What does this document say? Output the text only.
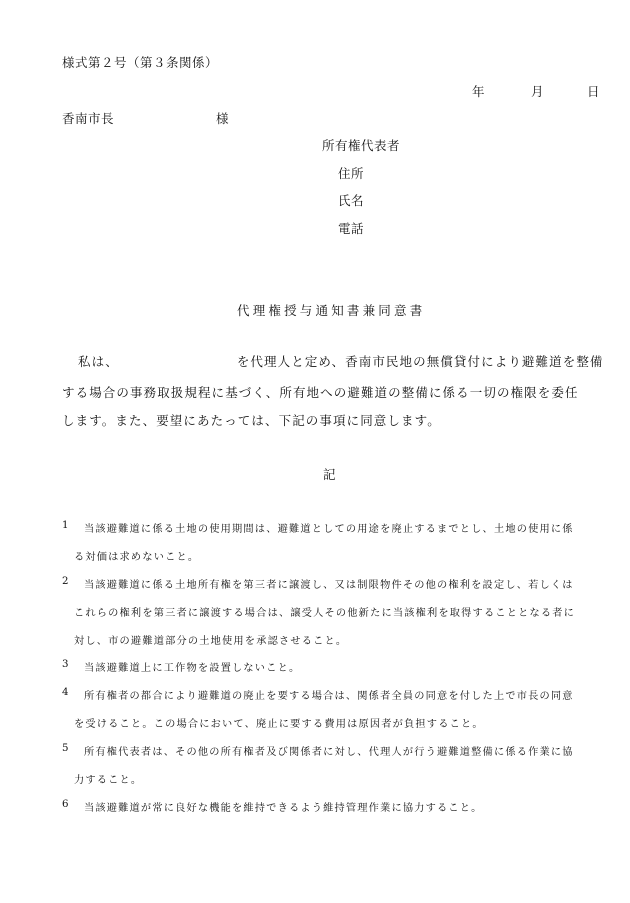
様式第２号（第３条関係）
年	月	日
香南市長	様
所有権代表者
住所
氏名
電話
代理権授与通知書兼同意書
私は、	を代理人と定め、香南市民地の無償貸付により避難道を整備
する場合の事務取扱規程に基づく、所有地への避難道の整備に係る一切の権限を委任
します。また、要望にあたっては、下記の事項に同意します。
記
1 当該避難道に係る土地の使用期間は、避難道としての用途を廃止するまでとし、土地の使用に係
る対価は求めないこと。
2 当該避難道に係る土地所有権を第三者に譲渡し、又は制限物件その他の権利を設定し、若しくは
これらの権利を第三者に譲渡する場合は、譲受人その他新たに当該権利を取得することとなる者に
対し、市の避難道部分の土地使用を承認させること。
3 当該避難道上に工作物を設置しないこと。
4 所有権者の都合により避難道の廃止を要する場合は、関係者全員の同意を付した上で市長の同意
を受けること。この場合において、廃止に要する費用は原因者が負担すること。
5 所有権代表者は、その他の所有権者及び関係者に対し、代理人が行う避難道整備に係る作業に協
力すること。
6 当該避難道が常に良好な機能を維持できるよう維持管理作業に協力すること。
